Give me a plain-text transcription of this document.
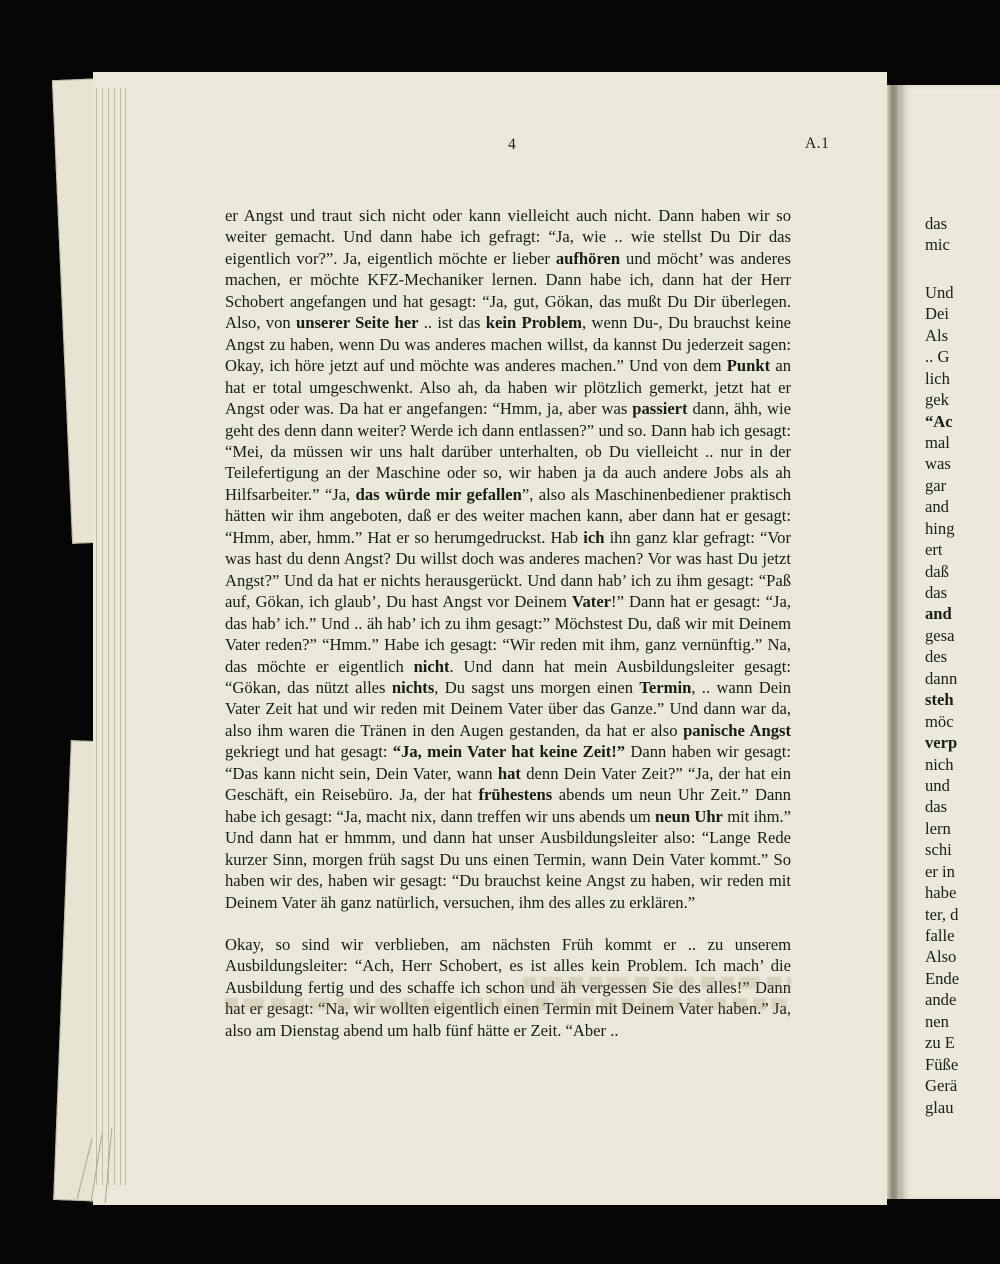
4	A.1

er Angst und traut sich nicht oder kann vielleicht auch nicht. Dann haben wir so weiter gemacht. Und dann habe ich gefragt: “Ja, wie .. wie stellst Du Dir das eigentlich vor?”. Ja, eigentlich möchte er lieber aufhören und möcht’ was anderes machen, er möchte KFZ-Mechaniker lernen. Dann habe ich, dann hat der Herr Schobert angefangen und hat gesagt: “Ja, gut, Gökan, das mußt Du Dir überlegen. Also, von unserer Seite her .. ist das kein Problem, wenn Du-, Du brauchst keine Angst zu haben, wenn Du was anderes machen willst, da kannst Du jederzeit sagen: Okay, ich höre jetzt auf und möchte was anderes machen.” Und von dem Punkt an hat er total umgeschwenkt. Also ah, da haben wir plötzlich gemerkt, jetzt hat er Angst oder was. Da hat er angefangen: “Hmm, ja, aber was passiert dann, ähh, wie geht des denn dann weiter? Werde ich dann entlassen?” und so. Dann hab ich gesagt: “Mei, da müssen wir uns halt darüber unterhalten, ob Du vielleicht .. nur in der Teilefertigung an der Maschine oder so, wir haben ja da auch andere Jobs als ah Hilfsarbeiter.” “Ja, das würde mir gefallen”, also als Maschinenbediener praktisch hätten wir ihm angeboten, daß er des weiter machen kann, aber dann hat er gesagt: “Hmm, aber, hmm.” Hat er so herumgedruckst. Hab ich ihn ganz klar gefragt: “Vor was hast du denn Angst? Du willst doch was anderes machen? Vor was hast Du jetzt Angst?” Und da hat er nichts herausgerückt. Und dann hab’ ich zu ihm gesagt: “Paß auf, Gökan, ich glaub’, Du hast Angst vor Deinem Vater!” Dann hat er gesagt: “Ja, das hab’ ich.” Und .. äh hab’ ich zu ihm gesagt:” Möchstest Du, daß wir mit Deinem Vater reden?” “Hmm.” Habe ich gesagt: “Wir reden mit ihm, ganz vernünftig.” Na, das möchte er eigentlich nicht. Und dann hat mein Ausbildungsleiter gesagt: “Gökan, das nützt alles nichts, Du sagst uns morgen einen Termin, .. wann Dein Vater Zeit hat und wir reden mit Deinem Vater über das Ganze.” Und dann war da, also ihm waren die Tränen in den Augen gestanden, da hat er also panische Angst gekriegt und hat gesagt: “Ja, mein Vater hat keine Zeit!” Dann haben wir gesagt: “Das kann nicht sein, Dein Vater, wann hat denn Dein Vater Zeit?” “Ja, der hat ein Geschäft, ein Reisebüro. Ja, der hat frühestens abends um neun Uhr Zeit.” Dann habe ich gesagt: “Ja, macht nix, dann treffen wir uns abends um neun Uhr mit ihm.” Und dann hat er hmmm, und dann hat unser Ausbildungsleiter also: “Lange Rede kurzer Sinn, morgen früh sagst Du uns einen Termin, wann Dein Vater kommt.” So haben wir des, haben wir gesagt: “Du brauchst keine Angst zu haben, wir reden mit Deinem Vater äh ganz natürlich, versuchen, ihm des alles zu erklären.”

Okay, so sind wir verblieben, am nächsten Früh kommt er .. zu unserem Ausbildungsleiter: “Ach, Herr Schobert, es ist alles kein Problem. Ich mach’ die Ausbildung fertig und des schaffe ich schon und äh vergessen Sie des alles!” Dann hat er gesagt: “Na, wir wollten eigentlich einen Termin mit Deinem Vater haben.” Ja, also am Dienstag abend um halb fünf hätte er Zeit. “Aber ..

das
mic
Und
Dei
Als
.. G
lich
gek
“Ac
mal
was
gar
and
hing
ert
daß
das
and
gesa
des
dann
steh
möc
verp
nich
und
das
lern
schi
er in
habe
ter, d
falle
Also
Ende
ande
nen
zu E
Füße
Gerä
glau
